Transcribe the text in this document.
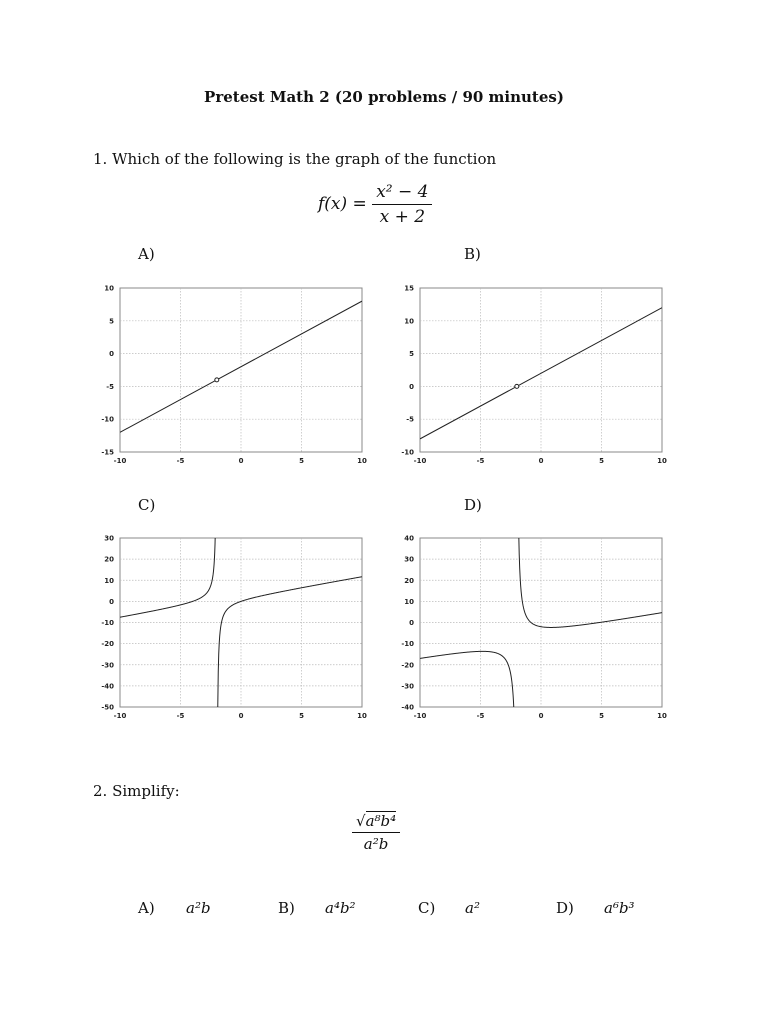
Pretest Math 2 (20 problems / 90 minutes)
1. Which of the following is the graph of the function
$f(x) = \frac{\text{x² − 4}}{x + 2}$
A)	B)
C)	D)
-10	-5	0	5	10
10
5
0
-5
-10
-15
-10	-5	0	5	10
15
10
5
0
-5
-10
-10	-5	0	5	10
30
20
10
0
-10
-20
-30
-40
-50
-10	-5	0	5	10
40
30
20
10
0
-10
-20
-30
-40
2. Simplify:
$\frac{\text{√a⁸b⁴}}{\text{a²b}}$
A) a²b	B) a⁴b²	C) a²	D) a⁶b³
